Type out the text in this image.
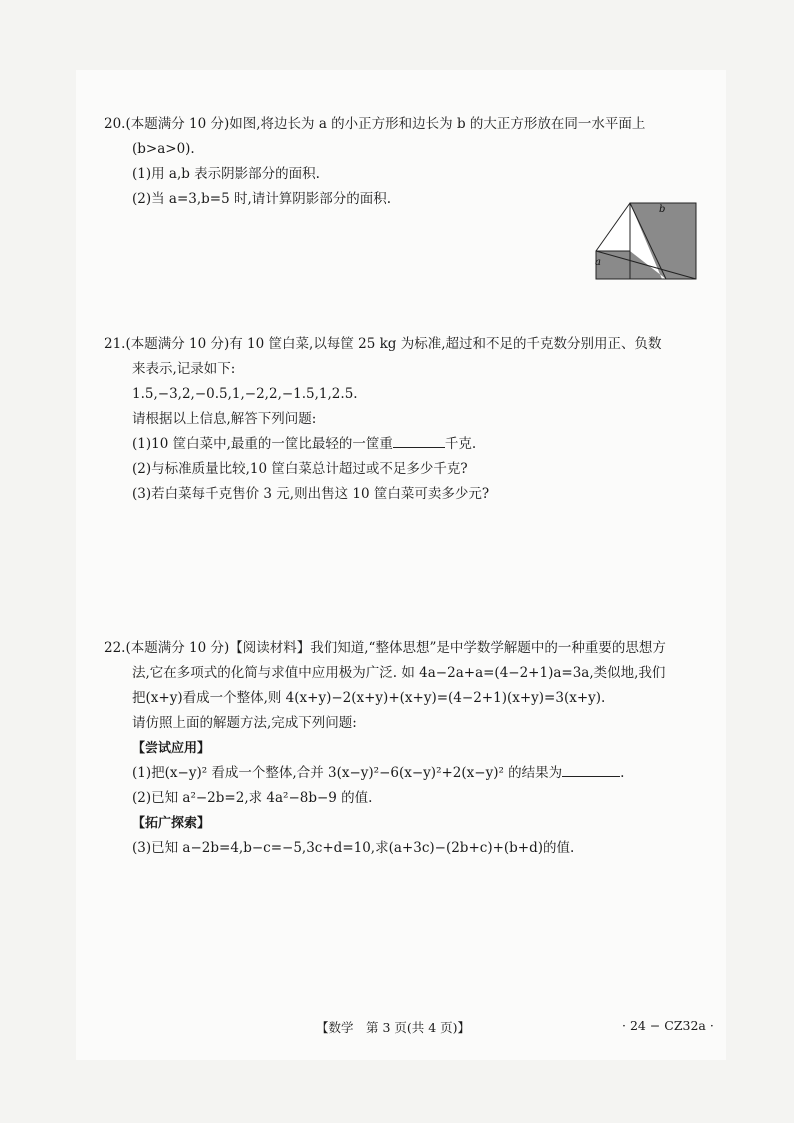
20.(本题满分 10 分)如图,将边长为 a 的小正方形和边长为 b 的大正方形放在同一水平面上
(b>a>0).
(1)用 a,b 表示阴影部分的面积.
(2)当 a=3,b=5 时,请计算阴影部分的面积.
b
a
21.(本题满分 10 分)有 10 筐白菜,以每筐 25 kg 为标准,超过和不足的千克数分别用正、负数
来表示,记录如下:
1.5,−3,2,−0.5,1,−2,2,−1.5,1,2.5.
请根据以上信息,解答下列问题:
(1)10 筐白菜中,最重的一筐比最轻的一筐重	千克.
(2)与标准质量比较,10 筐白菜总计超过或不足多少千克?
(3)若白菜每千克售价 3 元,则出售这 10 筐白菜可卖多少元?
22.(本题满分 10 分)【阅读材料】我们知道,“整体思想”是中学数学解题中的一种重要的思想方
法,它在多项式的化简与求值中应用极为广泛. 如 4a−2a+a=(4−2+1)a=3a,类似地,我们
把(x+y)看成一个整体,则 4(x+y)−2(x+y)+(x+y)=(4−2+1)(x+y)=3(x+y).
请仿照上面的解题方法,完成下列问题:
【尝试应用】
(1)把(x−y)² 看成一个整体,合并 3(x−y)²−6(x−y)²+2(x−y)² 的结果为	.
(2)已知 a²−2b=2,求 4a²−8b−9 的值.
【拓广探索】
(3)已知 a−2b=4,b−c=−5,3c+d=10,求(a+3c)−(2b+c)+(b+d)的值.
【数学　第 3 页(共 4 页)】	· 24 − CZ32a ·
